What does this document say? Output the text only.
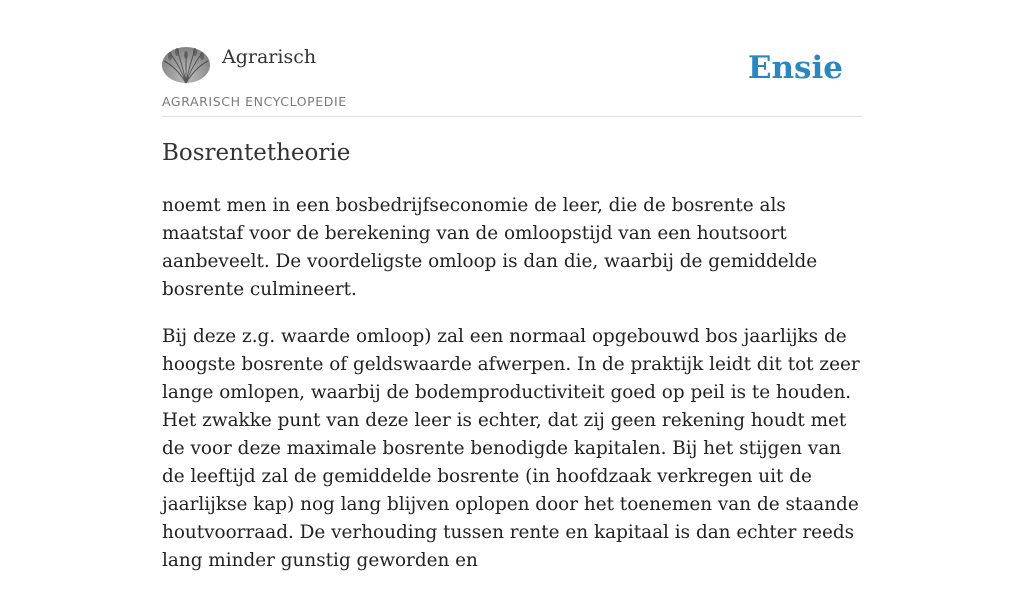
Agrarisch
AGRARISCH ENCYCLOPEDIE
Ensie
Bosrentetheorie

noemt men in een bosbedrijfseconomie de leer, die de bosrente als maatstaf voor de berekening van de omloopstijd van een houtsoort aanbeveelt. De voordeligste omloop is dan die, waarbij de gemiddelde bosrente culmineert.

Bij deze z.g. waarde omloop) zal een normaal opgebouwd bos jaarlijks de hoogste bosrente of geldswaarde afwerpen. In de praktijk leidt dit tot zeer lange omlopen, waarbij de bodemproductiviteit goed op peil is te houden. Het zwakke punt van deze leer is echter, dat zij geen rekening houdt met de voor deze maximale bosrente benodigde kapitalen. Bij het stijgen van de leeftijd zal de gemiddelde bosrente (in hoofdzaak verkregen uit de jaarlijkse kap) nog lang blijven oplopen door het toenemen van de staande houtvoorraad. De verhouding tussen rente en kapitaal is dan echter reeds lang minder gunstig geworden en
